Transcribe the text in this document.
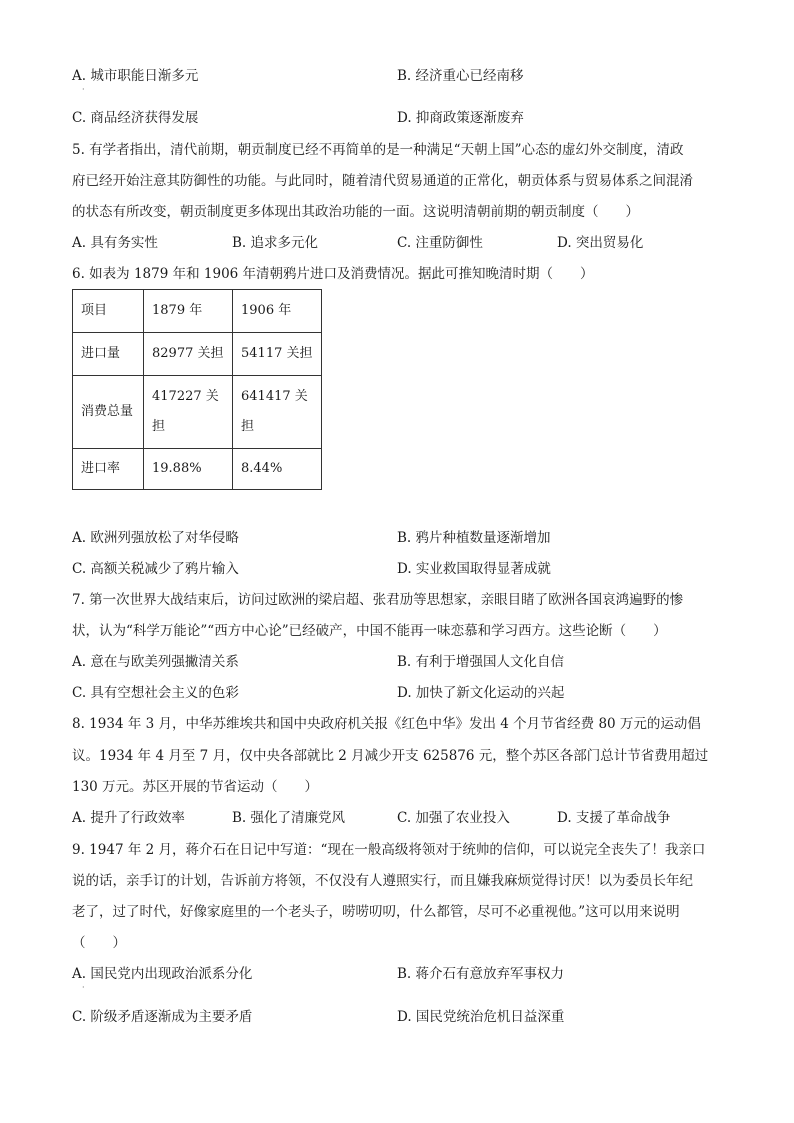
A. 城市职能日渐多元
·
B. 经济重心已经南移
C. 商品经济获得发展	D. 抑商政策逐渐废弃
5. 有学者指出，清代前期，朝贡制度已经不再简单的是一种满足“天朝上国”心态的虚幻外交制度，清政
府已经开始注意其防御性的功能。与此同时，随着清代贸易通道的正常化，朝贡体系与贸易体系之间混淆
的状态有所改变，朝贡制度更多体现出其政治功能的一面。这说明清朝前期的朝贡制度（　　）
A. 具有务实性	B. 追求多元化	C. 注重防御性	D. 突出贸易化
6. 如表为 1879 年和 1906 年清朝鸦片进口及消费情况。据此可推知晚清时期（　　）
项目	1879 年	1906 年
进口量	82977 关担	54117 关担
消费总量	417227 关担	641417 关担
进口率	19.88%	8.44%
A. 欧洲列强放松了对华侵略	B. 鸦片种植数量逐渐增加
C. 高额关税减少了鸦片输入	D. 实业救国取得显著成就
7. 第一次世界大战结束后，访问过欧洲的梁启超、张君劢等思想家，亲眼目睹了欧洲各国哀鸿遍野的惨
状，认为“科学万能论”“西方中心论”已经破产，中国不能再一味恋慕和学习西方。这些论断（　　）
A. 意在与欧美列强撇清关系	B. 有利于增强国人文化自信
C. 具有空想社会主义的色彩	D. 加快了新文化运动的兴起
8. 1934 年 3 月，中华苏维埃共和国中央政府机关报《红色中华》发出 4 个月节省经费 80 万元的运动倡
议。1934 年 4 月至 7 月，仅中央各部就比 2 月减少开支 625876 元，整个苏区各部门总计节省费用超过
130 万元。苏区开展的节省运动（　　）
A. 提升了行政效率	B. 强化了清廉党风	C. 加强了农业投入	D. 支援了革命战争
9. 1947 年 2 月，蒋介石在日记中写道：“现在一般高级将领对于统帅的信仰，可以说完全丧失了！我亲口
说的话，亲手订的计划，告诉前方将领，不仅没有人遵照实行，而且嫌我麻烦觉得讨厌！以为委员长年纪
老了，过了时代，好像家庭里的一个老头子，唠唠叨叨，什么都管，尽可不必重视他。”这可以用来说明
（　　）
A. 国民党内出现政治派系分化
·
B. 蒋介石有意放弃军事权力
C. 阶级矛盾逐渐成为主要矛盾	D. 国民党统治危机日益深重
